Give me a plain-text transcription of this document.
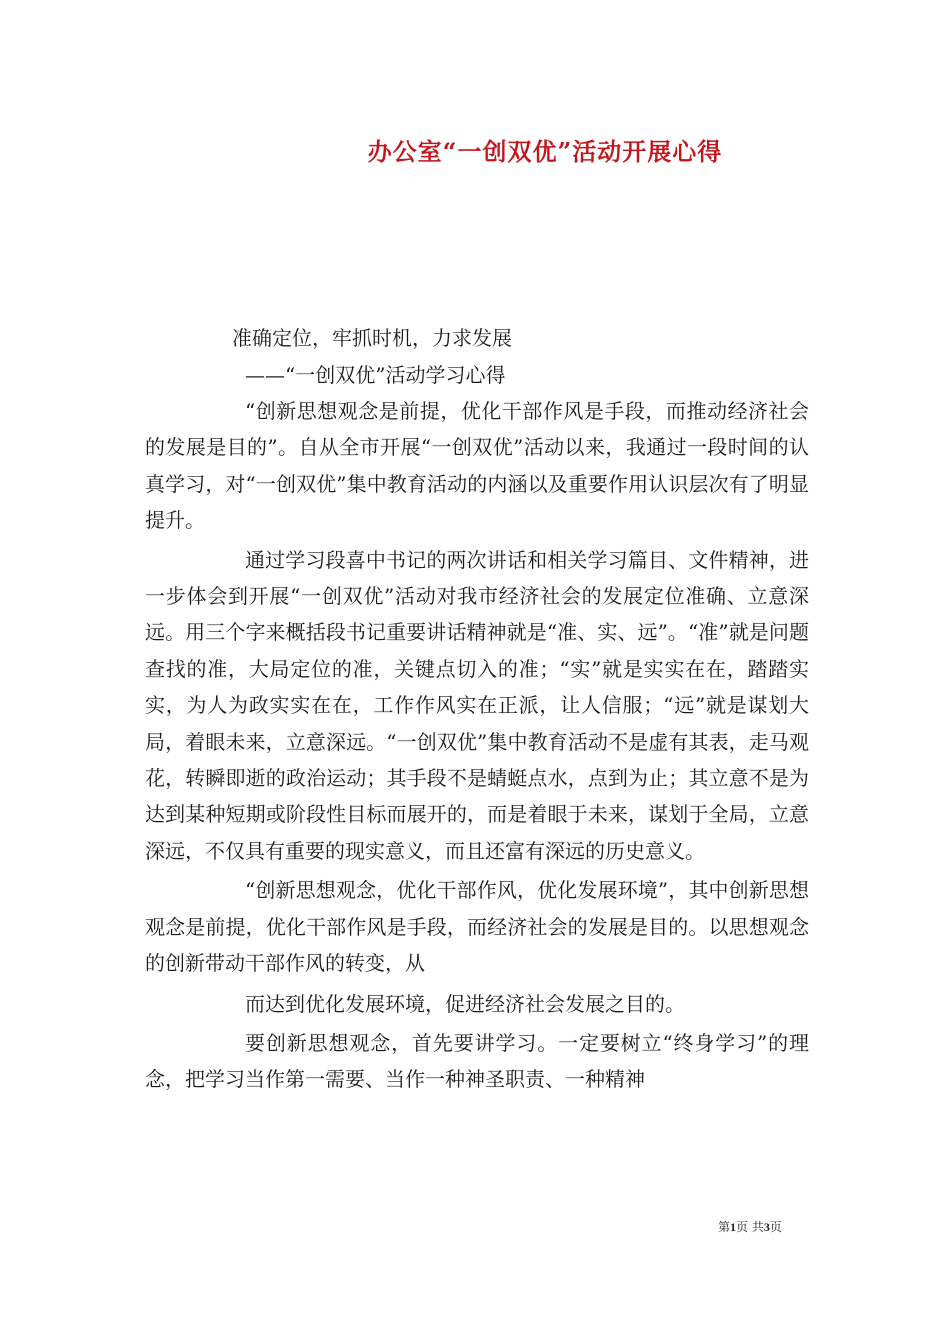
办公室“一创双优”活动开展心得
准确定位，牢抓时机，力求发展
——“一创双优”活动学习心得

“创新思想观念是前提，优化干部作风是手段，而推动经济社会的发展是目的”。自从全市开展“一创双优”活动以来，我通过一段时间的认真学习，对“一创双优”集中教育活动的内涵以及重要作用认识层次有了明显提升。

通过学习段喜中书记的两次讲话和相关学习篇目、文件精神，进一步体会到开展“一创双优”活动对我市经济社会的发展定位准确、立意深远。用三个字来概括段书记重要讲话精神就是“准、实、远”。“准”就是问题查找的准，大局定位的准，关键点切入的准；“实”就是实实在在，踏踏实实，为人为政实实在在，工作作风实在正派，让人信服；“远”就是谋划大局，着眼未来，立意深远。“一创双优”集中教育活动不是虚有其表，走马观花，转瞬即逝的政治运动；其手段不是蜻蜓点水，点到为止；其立意不是为达到某种短期或阶段性目标而展开的，而是着眼于未来，谋划于全局，立意深远，不仅具有重要的现实意义，而且还富有深远的历史意义。

“创新思想观念，优化干部作风，优化发展环境”，其中创新思想观念是前提，优化干部作风是手段，而经济社会的发展是目的。以思想观念的创新带动干部作风的转变，从

而达到优化发展环境，促进经济社会发展之目的。

要创新思想观念，首先要讲学习。一定要树立“终身学习”的理念，把学习当作第一需要、当作一种神圣职责、一种精神

第1页 共3页
